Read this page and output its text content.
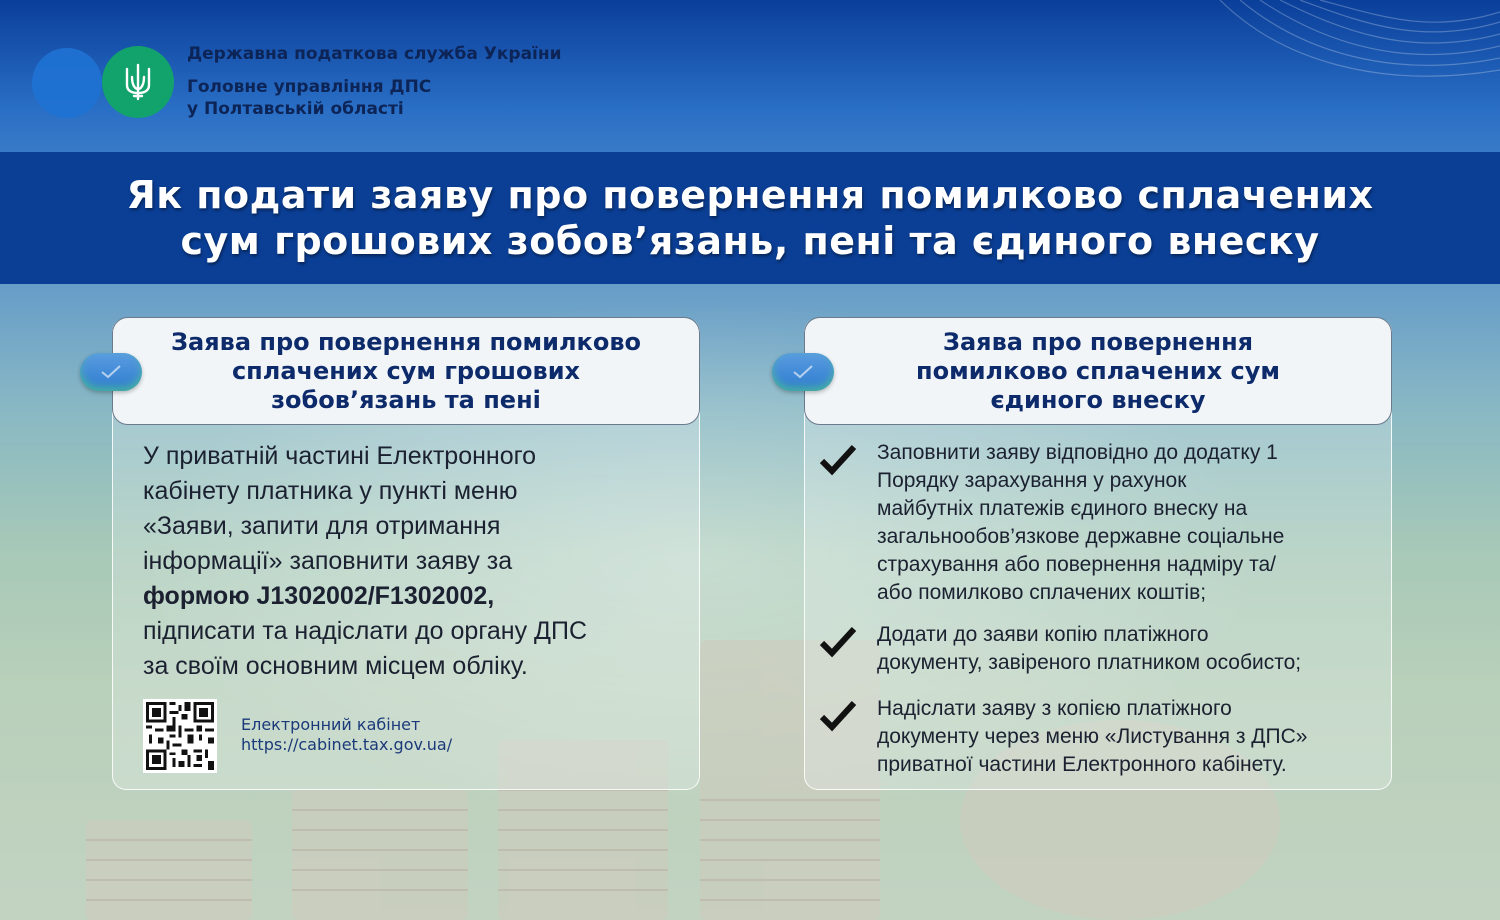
Державна податкова служба України
Головне управління ДПС
у Полтавській області
Як подати заяву про повернення помилково сплачених
сум грошових зобов’язань, пені та єдиного внеску
Заява про повернення помилково
сплачених сум грошових
зобов’язань та пені
У приватній частині Електронного
кабінету платника у пункті меню
«Заяви, запити для отримання
інформації» заповнити заяву за
формою J1302002/F1302002,
підписати та надіслати до органу ДПС
за своїм основним місцем обліку.
Електронний кабінет
https://cabinet.tax.gov.ua/
Заява про повернення
помилково сплачених сум
єдиного внеску
Заповнити заяву відповідно до додатку 1
Порядку зарахування у рахунок
майбутніх платежів єдиного внеску на
загальнообов’язкове державне соціальне
страхування або повернення надміру та/
або помилково сплачених коштів;
Додати до заяви копію платіжного
документу, завіреного платником особисто;
Надіслати заяву з копією платіжного
документу через меню «Листування з ДПС»
приватної частини Електронного кабінету.
